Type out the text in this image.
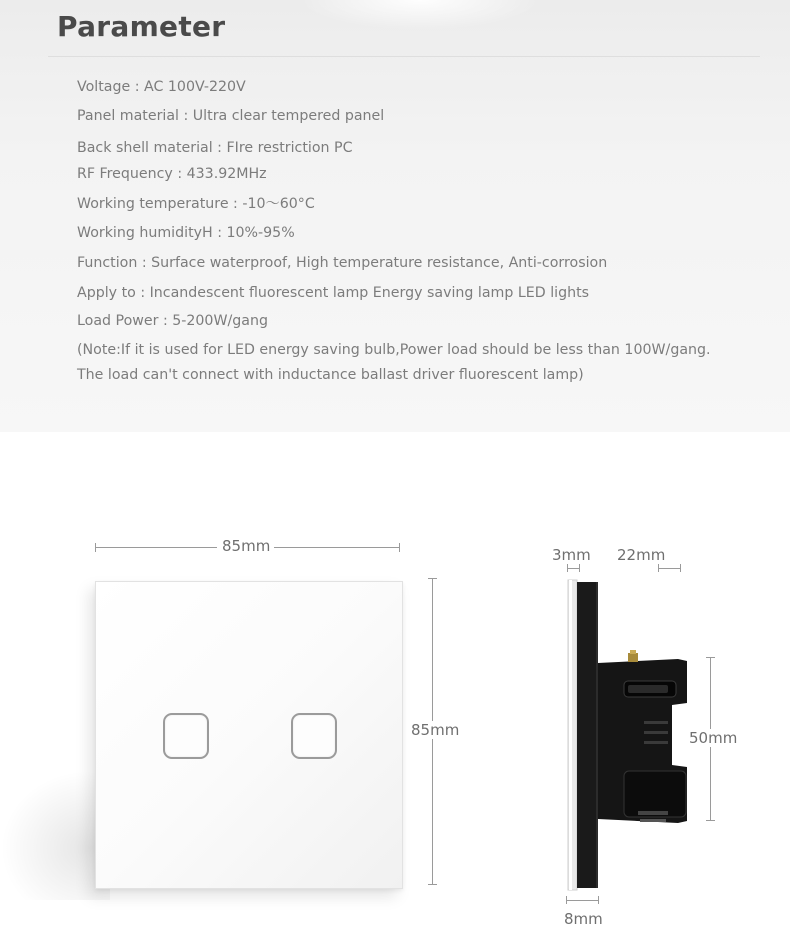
Parameter
Voltage : AC 100V-220V
Panel material : Ultra clear tempered panel
Back shell material : FIre restriction PC
RF Frequency : 433.92MHz
Working temperature : -10～60°C
Working humidityH : 10%-95%
Function : Surface waterproof, High temperature resistance, Anti-corrosion
Apply to : Incandescent fluorescent lamp Energy saving lamp LED lights
Load Power : 5-200W/gang
(Note:If it is used for LED energy saving bulb,Power load should be less than 100W/gang.
The load can't connect with inductance ballast driver fluorescent lamp)
85mm
85mm
3mm 22mm
50mm
8mm
